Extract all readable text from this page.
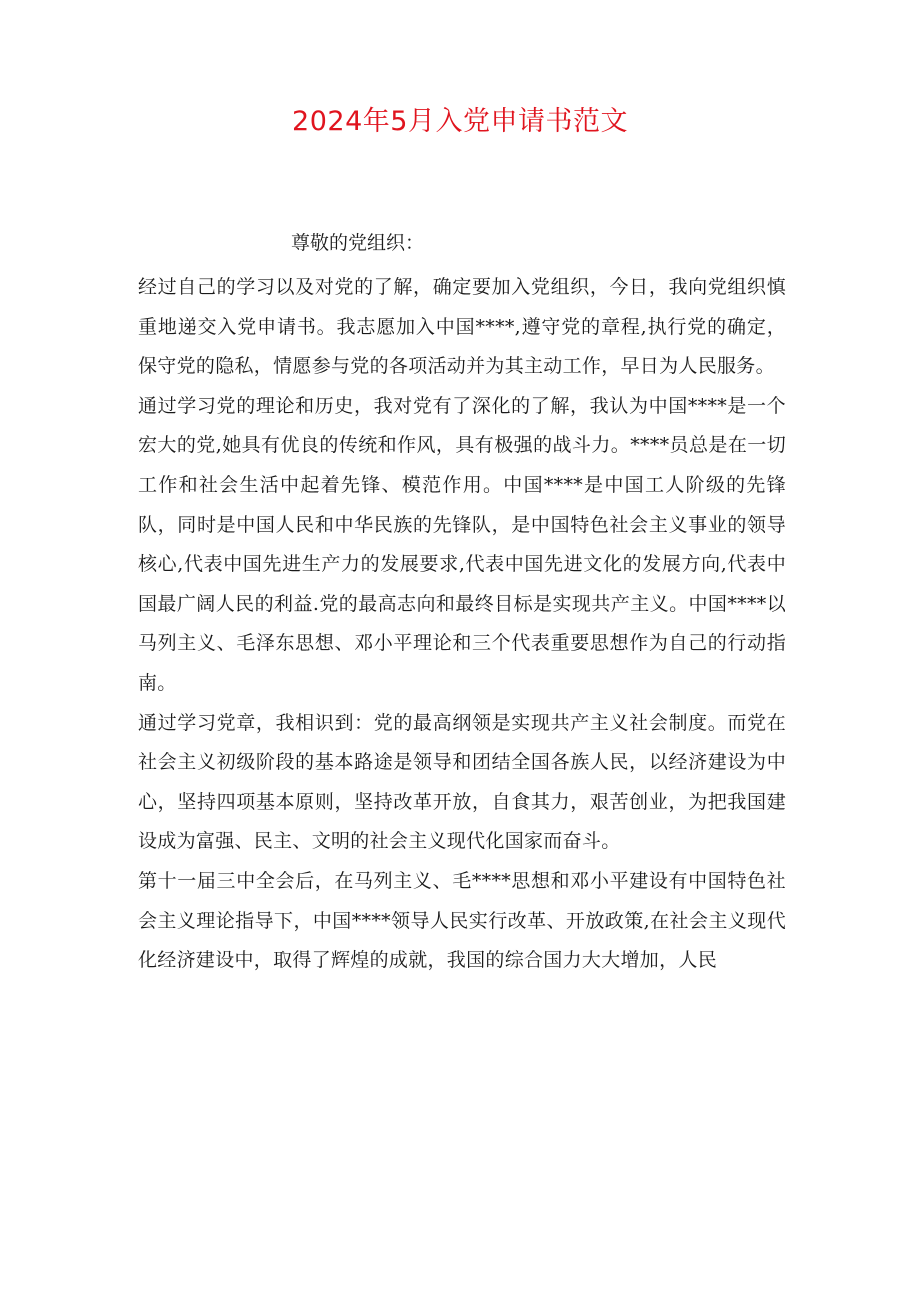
2024年5月入党申请书范文

尊敬的党组织：

经过自己的学习以及对党的了解，确定要加入党组织，今日，我向党组织慎重地递交入党申请书。我志愿加入中国****,遵守党的章程,执行党的确定，保守党的隐私，情愿参与党的各项活动并为其主动工作，早日为人民服务。

通过学习党的理论和历史，我对党有了深化的了解，我认为中国****是一个宏大的党,她具有优良的传统和作风，具有极强的战斗力。****员总是在一切工作和社会生活中起着先锋、模范作用。中国****是中国工人阶级的先锋队，同时是中国人民和中华民族的先锋队，是中国特色社会主义事业的领导核心,代表中国先进生产力的发展要求,代表中国先进文化的发展方向,代表中国最广阔人民的利益.党的最高志向和最终目标是实现共产主义。中国****以马列主义、毛泽东思想、邓小平理论和三个代表重要思想作为自己的行动指南。

通过学习党章，我相识到：党的最高纲领是实现共产主义社会制度。而党在社会主义初级阶段的基本路途是领导和团结全国各族人民，以经济建设为中心，坚持四项基本原则，坚持改革开放，自食其力，艰苦创业，为把我国建设成为富强、民主、文明的社会主义现代化国家而奋斗。

第十一届三中全会后，在马列主义、毛****思想和邓小平建设有中国特色社会主义理论指导下，中国****领导人民实行改革、开放政策,在社会主义现代化经济建设中，取得了辉煌的成就，我国的综合国力大大增加，人民
